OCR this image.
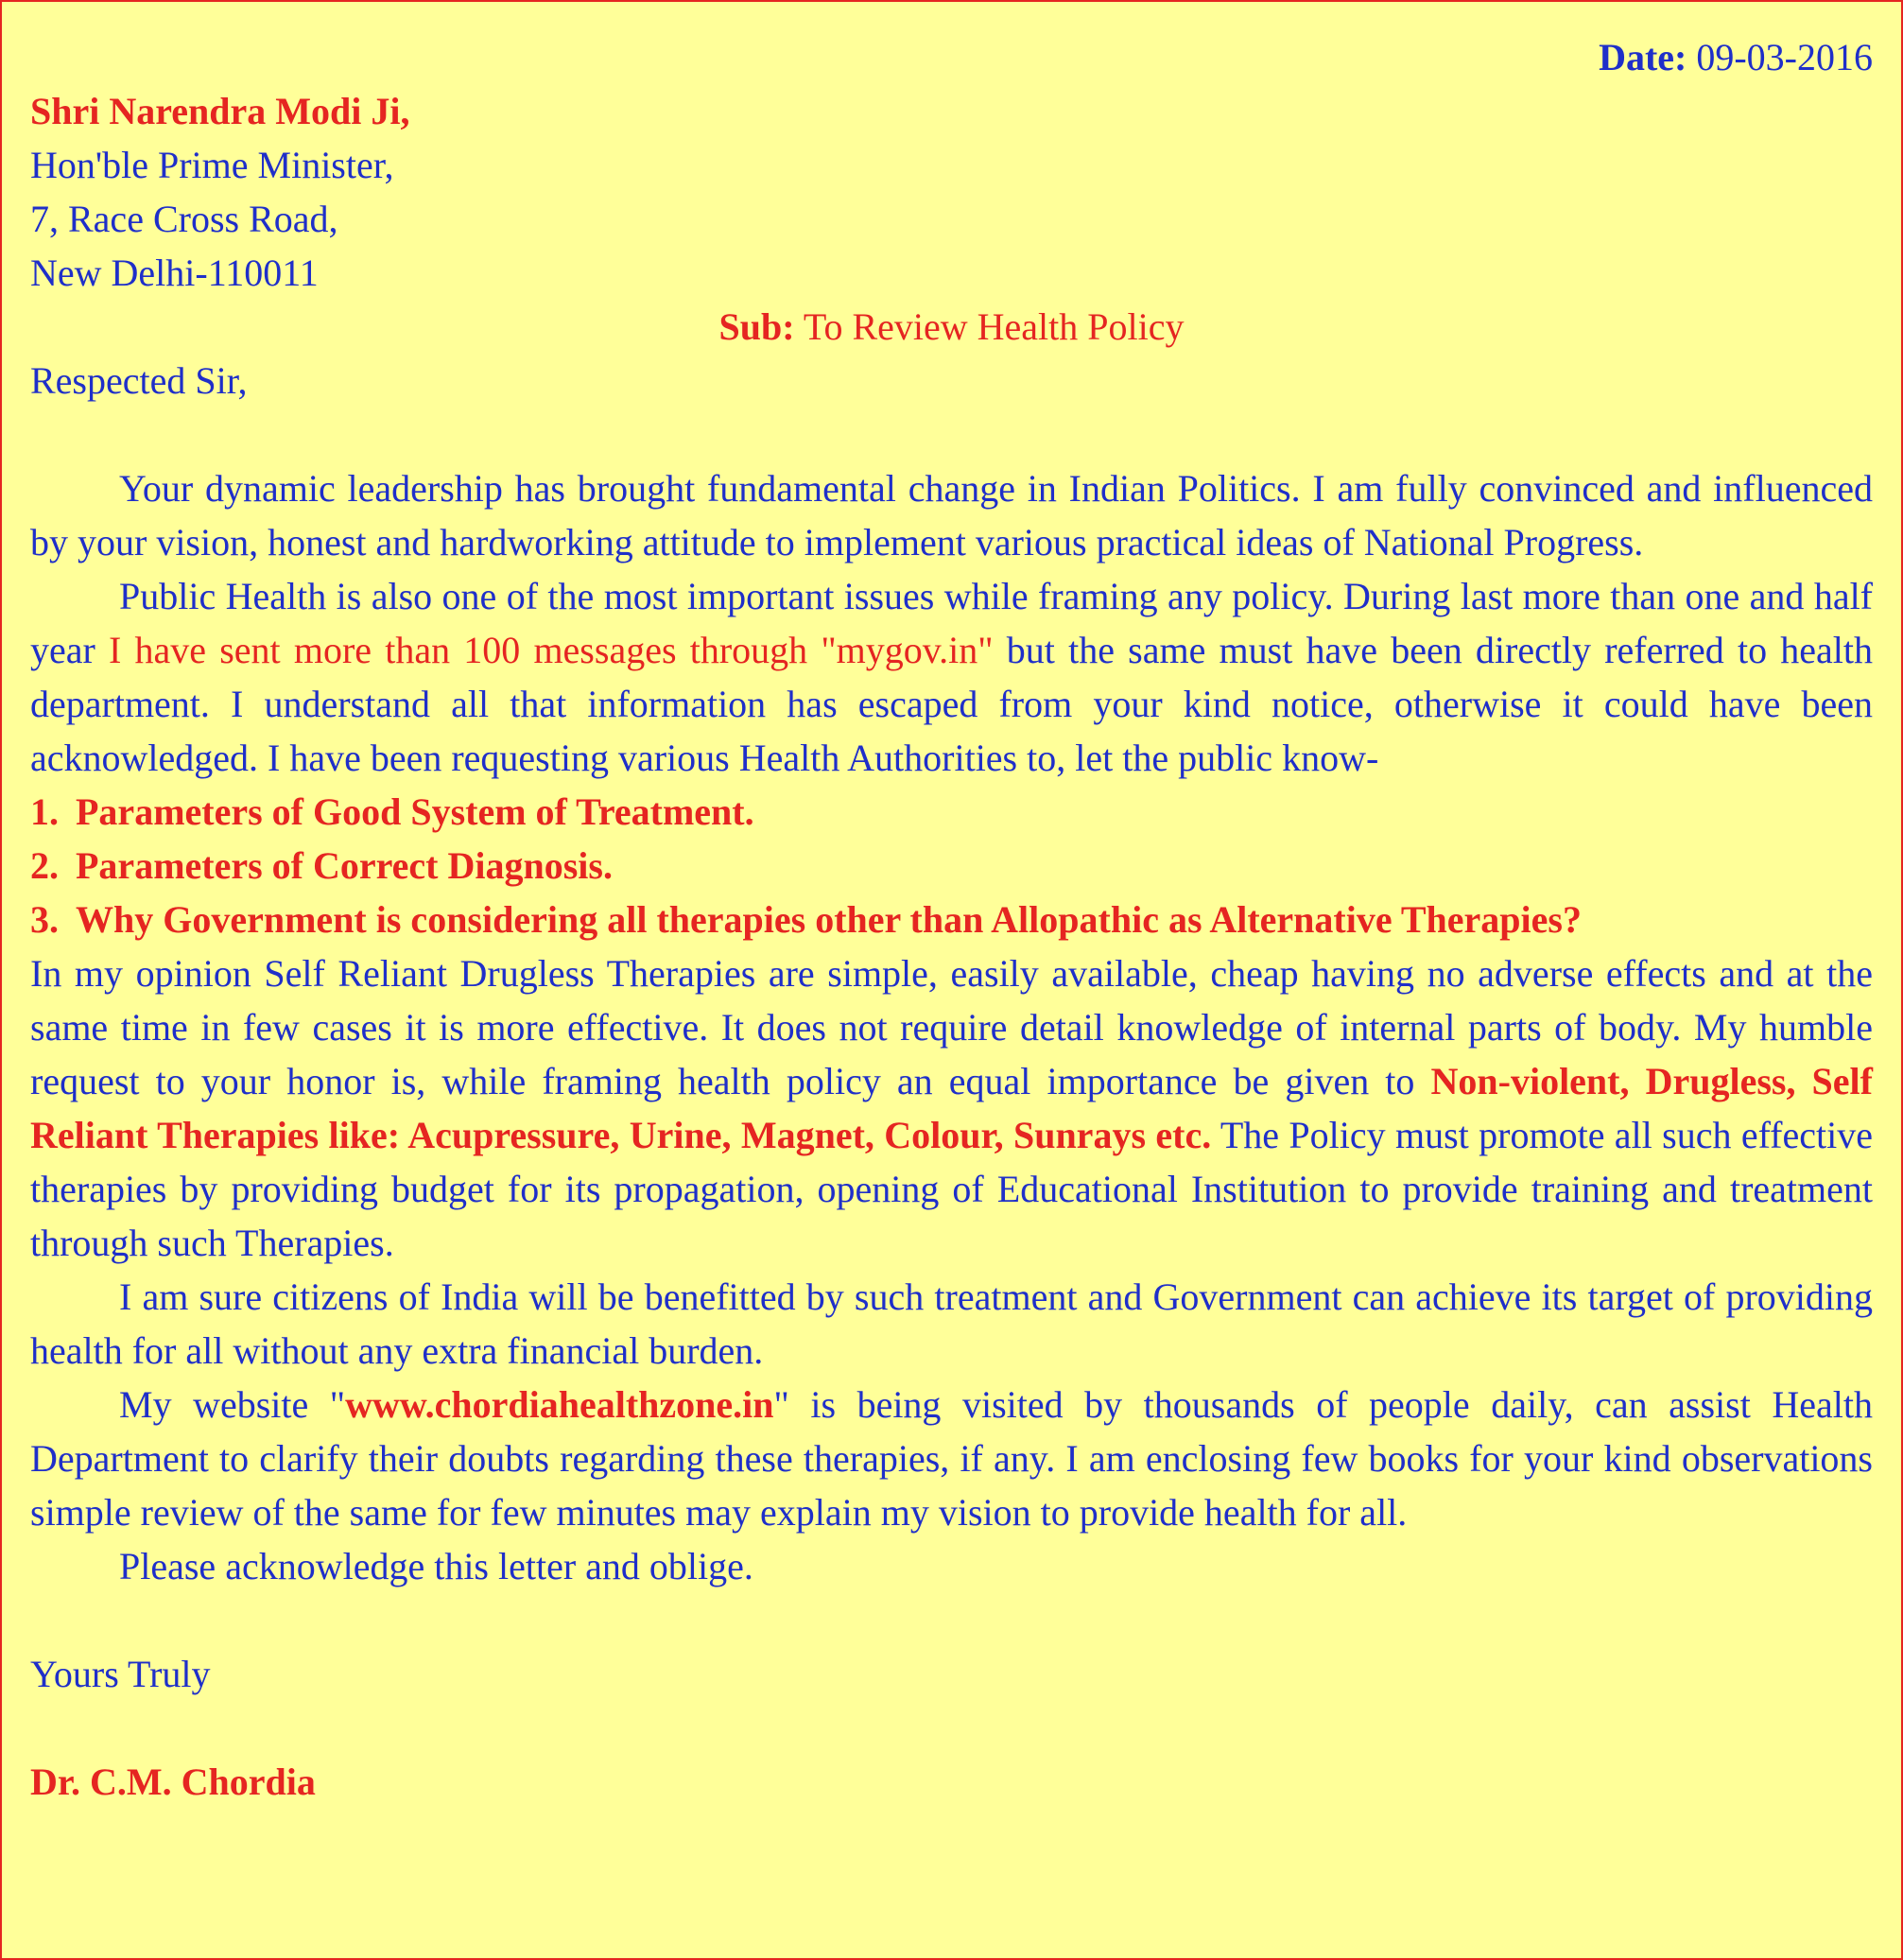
Date: 09-03-2016

Shri Narendra Modi Ji,

Hon'ble Prime Minister,

7, Race Cross Road,

New Delhi-110011

Sub: To Review Health Policy

Respected Sir,

Your dynamic leadership has brought fundamental change in Indian Politics. I am fully convinced and influenced by your vision, honest and hardworking attitude to implement various practical ideas of National Progress.

Public Health is also one of the most important issues while framing any policy. During last more than one and half year I have sent more than 100 messages through "mygov.in" but the same must have been directly referred to health department. I understand all that information has escaped from your kind notice, otherwise it could have been acknowledged. I have been requesting various Health Authorities to, let the public know-

1. Parameters of Good System of Treatment.

2. Parameters of Correct Diagnosis.

3. Why Government is considering all therapies other than Allopathic as Alternative Therapies?

In my opinion Self Reliant Drugless Therapies are simple, easily available, cheap having no adverse effects and at the same time in few cases it is more effective. It does not require detail knowledge of internal parts of body. My humble request to your honor is, while framing health policy an equal importance be given to Non-violent, Drugless, Self Reliant Therapies like: Acupressure, Urine, Magnet, Colour, Sunrays etc. The Policy must promote all such effective therapies by providing budget for its propagation, opening of Educational Institution to provide training and treatment through such Therapies.

I am sure citizens of India will be benefitted by such treatment and Government can achieve its target of providing health for all without any extra financial burden.

My website "www.chordiahealthzone.in" is being visited by thousands of people daily, can assist Health Department to clarify their doubts regarding these therapies, if any. I am enclosing few books for your kind observations simple review of the same for few minutes may explain my vision to provide health for all.

Please acknowledge this letter and oblige.

Yours Truly

Dr. C.M. Chordia
